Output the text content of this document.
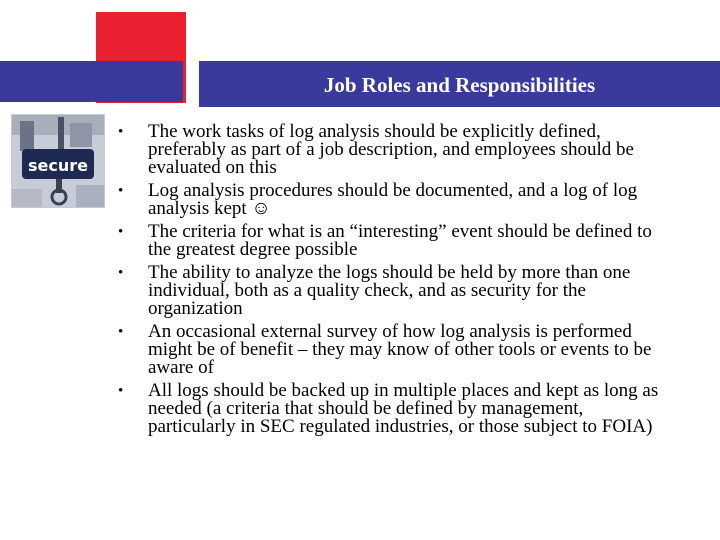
Job Roles and Responsibilities
secure
• The work tasks of log analysis should be explicitly defined, preferably as part of a job description, and employees should be evaluated on this
• Log analysis procedures should be documented, and a log of log analysis kept ☺
• The criteria for what is an “interesting” event should be defined to the greatest degree possible
• The ability to analyze the logs should be held by more than one individual, both as a quality check, and as security for the organization
• An occasional external survey of how log analysis is performed might be of benefit – they may know of other tools or events to be aware of
• All logs should be backed up in multiple places and kept as long as needed (a criteria that should be defined by management, particularly in SEC regulated industries, or those subject to FOIA)
